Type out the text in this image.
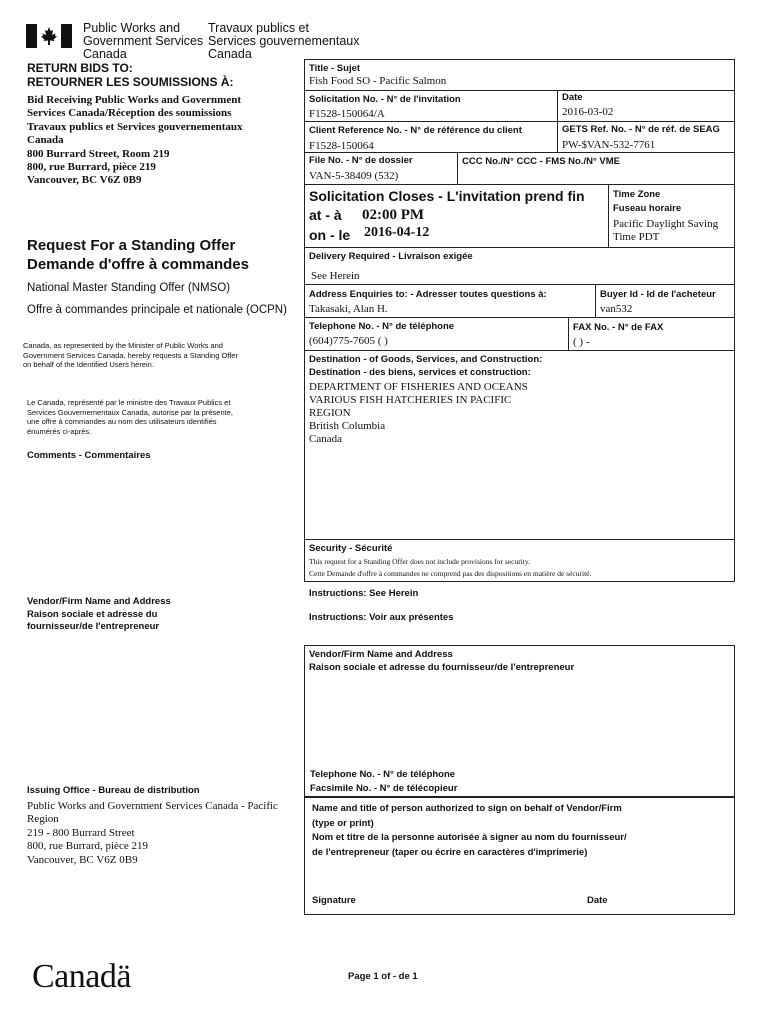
Public Works and
Government Services
Canada
Travaux publics et
Services gouvernementaux
Canada
RETURN BIDS TO:
RETOURNER LES SOUMISSIONS À:
Bid Receiving Public Works and Government
Services Canada/Réception des soumissions
Travaux publics et Services gouvernementaux
Canada
800 Burrard Street, Room 219
800, rue Burrard, pièce 219
Vancouver, BC V6Z 0B9
Request For a Standing Offer
Demande d'offre à commandes
National Master Standing Offer (NMSO)
Offre à commandes principale et nationale (OCPN)
Canada, as represented by the Minister of Public Works and
Government Services Canada, hereby requests a Standing Offer
on behalf of the Identified Users herein.
Le Canada, représenté par le ministre des Travaux Publics et
Services Gouvernementaux Canada, autorise par la présente,
une offre à commandes au nom des utilisateurs identifiés
énumérés ci-après.
Comments - Commentaires
Vendor/Firm Name and Address
Raison sociale et adresse du
fournisseur/de l'entrepreneur
Issuing Office - Bureau de distribution
Public Works and Government Services Canada - Pacific
Region
219 - 800 Burrard Street
800, rue Burrard, pièce 219
Vancouver, BC V6Z 0B9
Title - Sujet
Fish Food SO - Pacific Salmon
Solicitation No. - N° de l'invitation
F1528-150064/A
Date
2016-03-02
Client Reference No. - N° de référence du client
F1528-150064
GETS Ref. No. - N° de réf. de SEAG
PW-$VAN-532-7761
File No. - N° de dossier
VAN-5-38409 (532)
CCC No./N° CCC - FMS No./N° VME
Solicitation Closes - L'invitation prend fin
at - à 02:00 PM
on - le 2016-04-12
Time Zone
Fuseau horaire
Pacific Daylight Saving
Time PDT
Delivery Required - Livraison exigée
See Herein
Address Enquiries to: - Adresser toutes questions à:
Takasaki, Alan H.
Buyer Id - Id de l'acheteur
van532
Telephone No. - N° de téléphone
(604)775-7605 ( )
FAX No. - N° de FAX
( ) -
Destination - of Goods, Services, and Construction:
Destination - des biens, services et construction:
DEPARTMENT OF FISHERIES AND OCEANS
VARIOUS FISH HATCHERIES IN PACIFIC
REGION
British Columbia
Canada
Security - Sécurité
This request for a Standing Offer does not include provisions for security.
Cette Demande d'offre à commandes ne comprend pas des dispositions en matière de sécurité.
Instructions: See Herein
Instructions: Voir aux présentes
Vendor/Firm Name and Address
Raison sociale et adresse du fournisseur/de l'entrepreneur
Telephone No. - N° de téléphone
Facsimile No. - N° de télécopieur
Name and title of person authorized to sign on behalf of Vendor/Firm
(type or print)
Nom et titre de la personne autorisée à signer au nom du fournisseur/
de l'entrepreneur (taper ou écrire en caractères d'imprimerie)
Signature	Date
Canadä	Page 1 of - de 1
